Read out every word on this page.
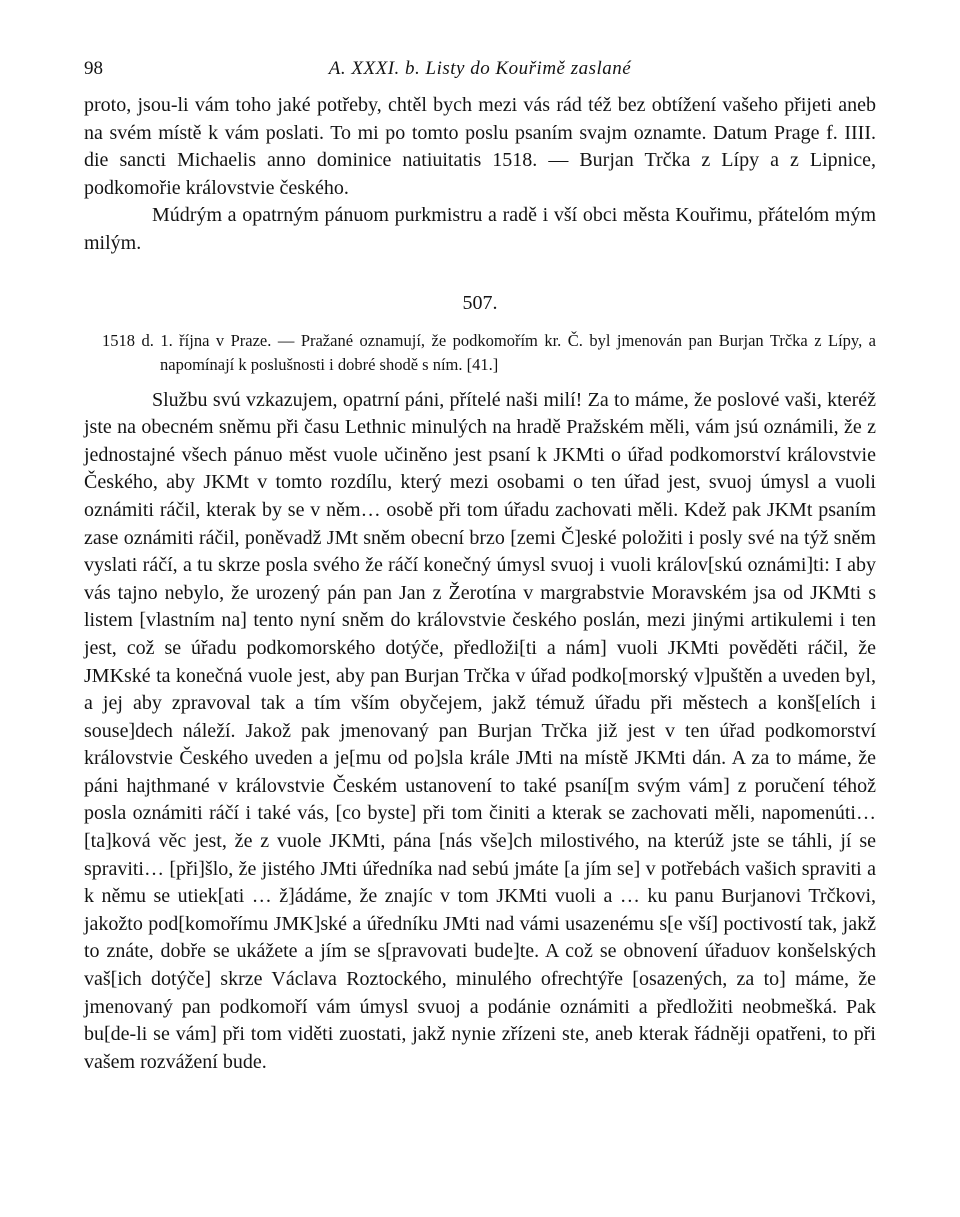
98	A. XXXI. b. Listy do Kouřimě zaslané

proto, jsou-li vám toho jaké potřeby, chtěl bych mezi vás rád též bez obtížení vašeho přijeti aneb na svém místě k vám poslati. To mi po tomto poslu psaním svajm oznamte. Datum Prage f. IIII. die sancti Michaelis anno dominice natiuitatis 1518. — Burjan Trčka z Lípy a z Lipnice, podkomořie královstvie českého.

Múdrým a opatrným pánuom purkmistru a radě i vší obci města Kouřimu, přátelóm mým milým.

507.
1518 d. 1. října v Praze. — Pražané oznamují, že podkomořím kr. Č. byl jmenován pan Burjan Trčka z Lípy, a napomínají k poslušnosti i dobré shodě s ním. [41.]

Službu svú vzkazujem, opatrní páni, přítelé naši milí! Za to máme, že poslové vaši, kteréž jste na obecném sněmu při času Lethnic minulých na hradě Pražském měli, vám jsú oznámili, že z jednostajné všech pánuo měst vuole učiněno jest psaní k JKMti o úřad podkomorství královstvie Českého, aby JKMt v tomto rozdílu, který mezi osobami o ten úřad jest, svuoj úmysl a vuoli oznámiti ráčil, kterak by se v něm… osobě při tom úřadu zachovati měli. Kdež pak JKMt psaním zase oznámiti ráčil, poněvadž JMt sněm obecní brzo [zemi Č]eské položiti i posly své na týž sněm vyslati ráčí, a tu skrze posla svého že ráčí konečný úmysl svuoj i vuoli králov[skú oznámi]ti: I aby vás tajno nebylo, že urozený pán pan Jan z Žerotína v margrabstvie Moravském jsa od JKMti s listem [vlastním na] tento nyní sněm do královstvie českého poslán, mezi jinými artikulemi i ten jest, což se úřadu podkomorského dotýče, předloži[ti a nám] vuoli JKMti pověděti ráčil, že JMKské ta konečná vuole jest, aby pan Burjan Trčka v úřad podko[morský v]puštěn a uveden byl, a jej aby zpravoval tak a tím vším obyčejem, jakž témuž úřadu při městech a konš[elích i souse]dech náleží. Jakož pak jmenovaný pan Burjan Trčka již jest v ten úřad podkomorství královstvie Českého uveden a je[mu od po]sla krále JMti na místě JKMti dán. A za to máme, že páni hajthmané v královstvie Českém ustanovení to také psaní[m svým vám] z poručení téhož posla oznámiti ráčí i také vás, [co byste] při tom činiti a kterak se zachovati měli, napomenúti… [ta]ková věc jest, že z vuole JKMti, pána [nás vše]ch milostivého, na kterúž jste se táhli, jí se spraviti… [při]šlo, že jistého JMti úředníka nad sebú jmáte [a jím se] v potřebách vašich spraviti a k němu se utiek[ati … ž]ádáme, že znajíc v tom JKMti vuoli a … ku panu Burjanovi Trčkovi, jakožto pod[komořímu JMK]ské a úředníku JMti nad vámi usazenému s[e vší] poctivostí tak, jakž to znáte, dobře se ukážete a jím se s[pravovati bude]te. A což se obnovení úřaduov konšelských vaš[ich dotýče] skrze Václava Roztockého, minulého ofrechtýře [osazených, za to] máme, že jmenovaný pan podkomoří vám úmysl svuoj a podánie oznámiti a předložiti neobmešká. Pak bu[de-li se vám] při tom viděti zuostati, jakž nynie zřízeni ste, aneb kterak řádněji opatřeni, to při vašem rozvážení bude.
